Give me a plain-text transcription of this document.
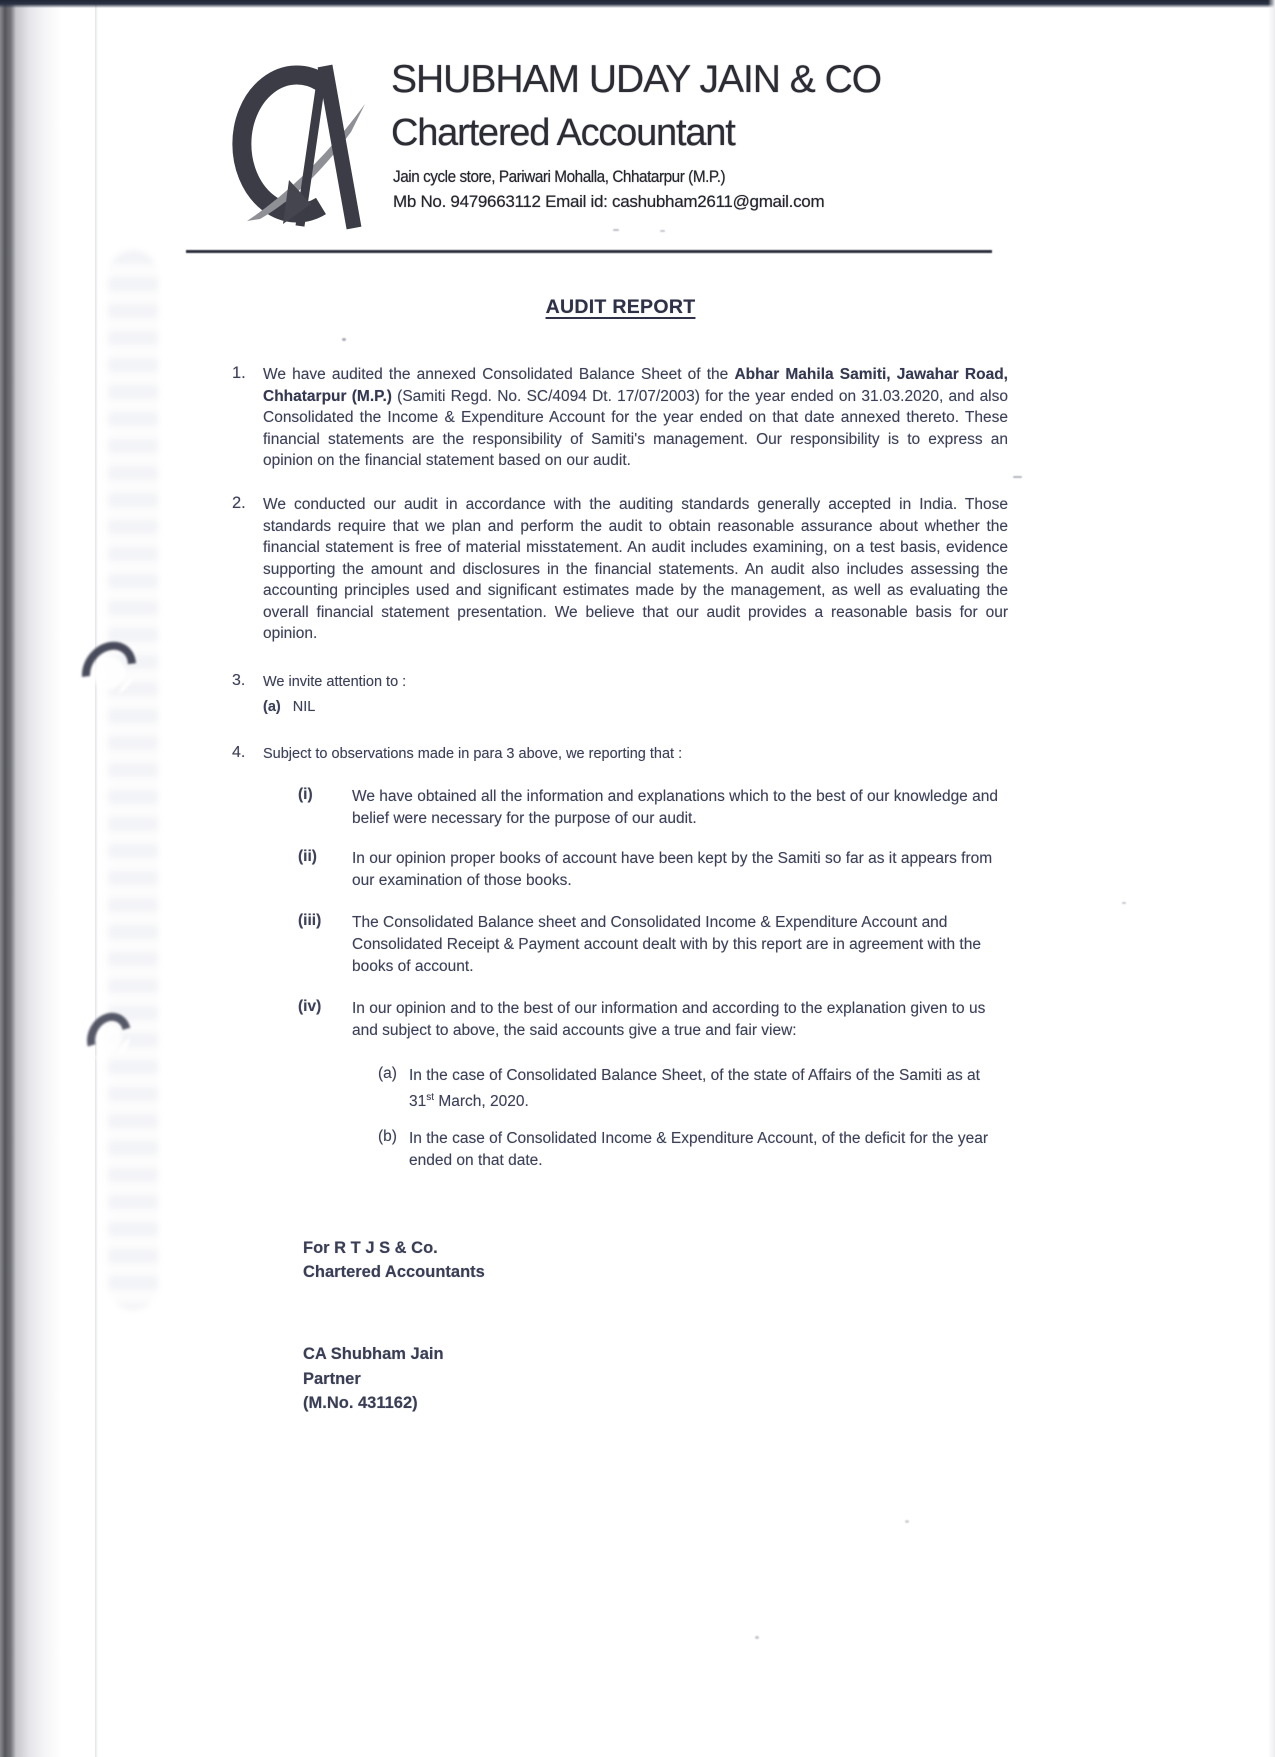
SHUBHAM UDAY JAIN & CO
Chartered Accountant
Jain cycle store, Pariwari Mohalla, Chhatarpur (M.P.)
Mb No. 9479663112 Email id: cashubham2611@gmail.com
AUDIT REPORT
1.	We have audited the annexed Consolidated Balance Sheet of the Abhar Mahila Samiti, Jawahar Road, Chhatarpur (M.P.) (Samiti Regd. No. SC/4094 Dt. 17/07/2003) for the year ended on 31.03.2020, and also Consolidated the Income & Expenditure Account for the year ended on that date annexed thereto. These financial statements are the responsibility of Samiti's management. Our responsibility is to express an opinion on the financial statement based on our audit.
2.	We conducted our audit in accordance with the auditing standards generally accepted in India. Those standards require that we plan and perform the audit to obtain reasonable assurance about whether the financial statement is free of material misstatement. An audit includes examining, on a test basis, evidence supporting the amount and disclosures in the financial statements. An audit also includes assessing the accounting principles used and significant estimates made by the management, as well as evaluating the overall financial statement presentation. We believe that our audit provides a reasonable basis for our opinion.
3.	We invite attention to :
(a) NIL
4.	Subject to observations made in para 3 above, we reporting that :
(i)	We have obtained all the information and explanations which to the best of our knowledge and belief were necessary for the purpose of our audit.
(ii)	In our opinion proper books of account have been kept by the Samiti so far as it appears from our examination of those books.
(iii)	The Consolidated Balance sheet and Consolidated Income & Expenditure Account and Consolidated Receipt & Payment account dealt with by this report are in agreement with the books of account.
(iv)	In our opinion and to the best of our information and according to the explanation given to us and subject to above, the said accounts give a true and fair view:
(a) In the case of Consolidated Balance Sheet, of the state of Affairs of the Samiti as at 31st March, 2020.
(b) In the case of Consolidated Income & Expenditure Account, of the deficit for the year ended on that date.
For R T J S & Co.
Chartered Accountants
CA Shubham Jain
Partner
(M.No. 431162)
